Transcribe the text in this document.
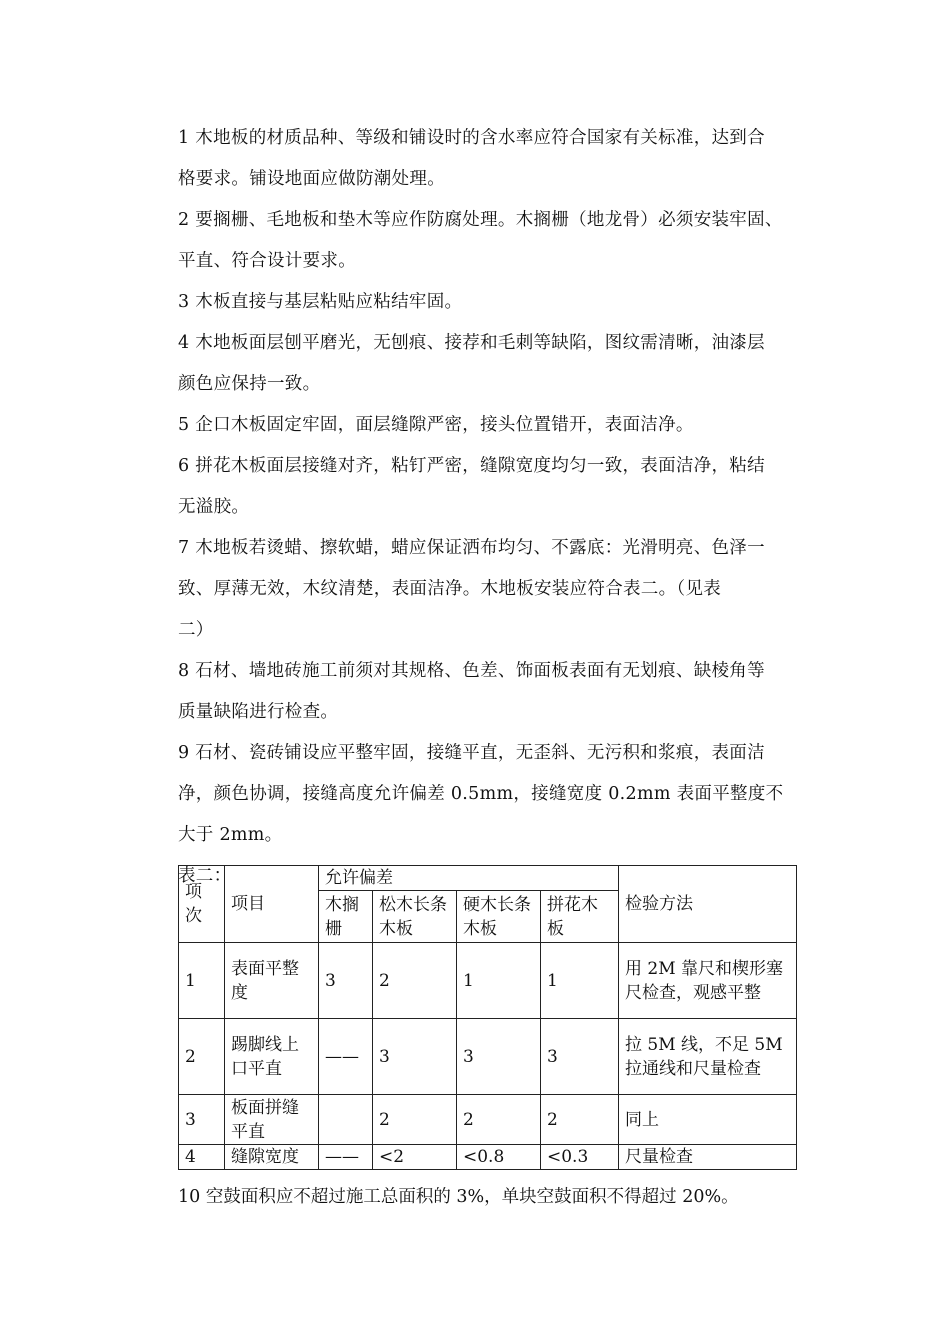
1 木地板的材质品种、等级和铺设时的含水率应符合国家有关标准，达到合
格要求。铺设地面应做防潮处理。

2 要搁栅、毛地板和垫木等应作防腐处理。木搁栅（地龙骨）必须安装牢固、
平直、符合设计要求。

3 木板直接与基层粘贴应粘结牢固。

4 木地板面层刨平磨光，无刨痕、接荐和毛刺等缺陷，图纹需清晰，油漆层
颜色应保持一致。

5 企口木板固定牢固，面层缝隙严密，接头位置错开，表面洁净。

6 拼花木板面层接缝对齐，粘钉严密，缝隙宽度均匀一致，表面洁净，粘结
无溢胶。

7 木地板若烫蜡、擦软蜡，蜡应保证洒布均匀、不露底：光滑明亮、色泽一
致、厚薄无效，木纹清楚，表面洁净。木地板安装应符合表二。（见表
二）

8 石材、墙地砖施工前须对其规格、色差、饰面板表面有无划痕、缺棱角等
质量缺陷进行检查。

9 石材、瓷砖铺设应平整牢固，接缝平直，无歪斜、无污积和浆痕，表面洁
净，颜色协调，接缝高度允许偏差 0.5mm，接缝宽度 0.2mm 表面平整度不
大于 2mm。

表二：

项次	项目	允许偏差				检验方法
		木搁栅	松木长条木板	硬木长条木板	拼花木板	
1	表面平整度	3	2	1	1	用 2M 靠尺和楔形塞尺检查，观感平整
2	踢脚线上口平直	——	3	3	3	拉 5M 线，不足 5M 拉通线和尺量检查
3	板面拼缝平直		2	2	2	同上
4	缝隙宽度	——	<2	<0.8	<0.3	尺量检查

10 空鼓面积应不超过施工总面积的 3%，单块空鼓面积不得超过 20%。
